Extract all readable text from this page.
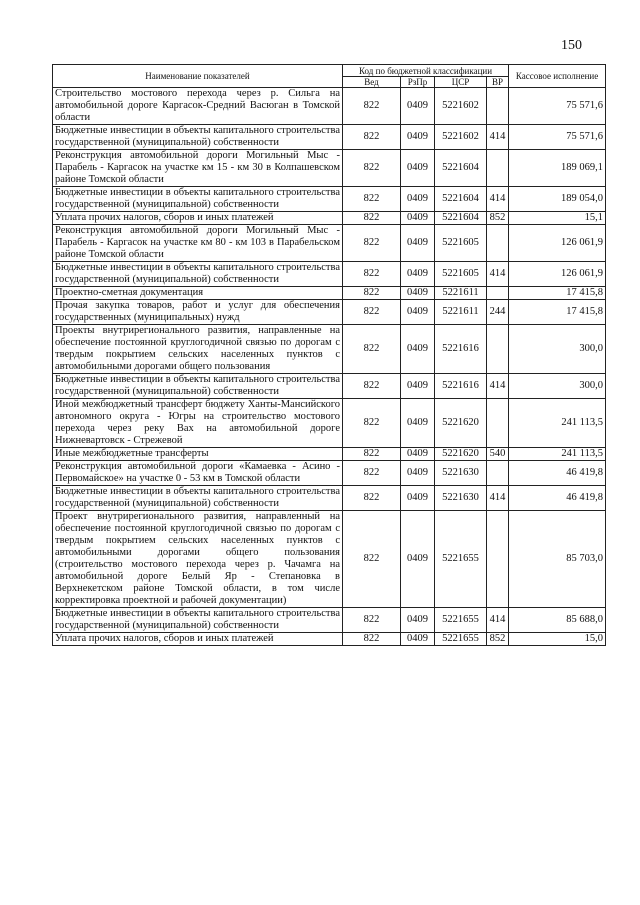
150
Наименование показателей	Код по бюджетной классификации				Кассовое исполнение
	Вед	РзПр	ЦСР	ВР	
Строительство мостового перехода через р. Сильга на автомобильной дороге Каргасок-Средний Васюган в Томской области	822	0409	5221602		75 571,6
Бюджетные инвестиции в объекты капитального строительства государственной (муниципальной) собственности	822	0409	5221602	414	75 571,6
Реконструкция автомобильной дороги Могильный Мыс - Парабель - Каргасок на участке км 15 - км 30 в Колпашевском районе Томской области	822	0409	5221604		189 069,1
Бюджетные инвестиции в объекты капитального строительства государственной (муниципальной) собственности	822	0409	5221604	414	189 054,0
Уплата прочих налогов, сборов и иных платежей	822	0409	5221604	852	15,1
Реконструкция автомобильной дороги Могильный Мыс - Парабель - Каргасок на участке км 80 - км 103 в Парабельском районе Томской области	822	0409	5221605		126 061,9
Бюджетные инвестиции в объекты капитального строительства государственной (муниципальной) собственности	822	0409	5221605	414	126 061,9
Проектно-сметная документация	822	0409	5221611		17 415,8
Прочая закупка товаров, работ и услуг для обеспечения государственных (муниципальных) нужд	822	0409	5221611	244	17 415,8
Проекты внутрирегионального развития, направленные на обеспечение постоянной круглогодичной связью по дорогам с твердым покрытием сельских населенных пунктов с автомобильными дорогами общего пользования	822	0409	5221616		300,0
Бюджетные инвестиции в объекты капитального строительства государственной (муниципальной) собственности	822	0409	5221616	414	300,0
Иной межбюджетный трансферт бюджету Ханты-Мансийского автономного округа - Югры на строительство мостового перехода через реку Вах на автомобильной дороге Нижневартовск - Стрежевой	822	0409	5221620		241 113,5
Иные межбюджетные трансферты	822	0409	5221620	540	241 113,5
Реконструкция автомобильной дороги «Камаевка - Асино - Первомайское» на участке 0 - 53 км в Томской области	822	0409	5221630		46 419,8
Бюджетные инвестиции в объекты капитального строительства государственной (муниципальной) собственности	822	0409	5221630	414	46 419,8
Проект внутрирегионального развития, направленный на обеспечение постоянной круглогодичной связью по дорогам с твердым покрытием сельских населенных пунктов с автомобильными дорогами общего пользования (строительство мостового перехода через р. Чачамга на автомобильной дороге Белый Яр - Степановка в Верхнекетском районе Томской области, в том числе корректировка проектной и рабочей документации)	822	0409	5221655		85 703,0
Бюджетные инвестиции в объекты капитального строительства государственной (муниципальной) собственности	822	0409	5221655	414	85 688,0
Уплата прочих налогов, сборов и иных платежей	822	0409	5221655	852	15,0
